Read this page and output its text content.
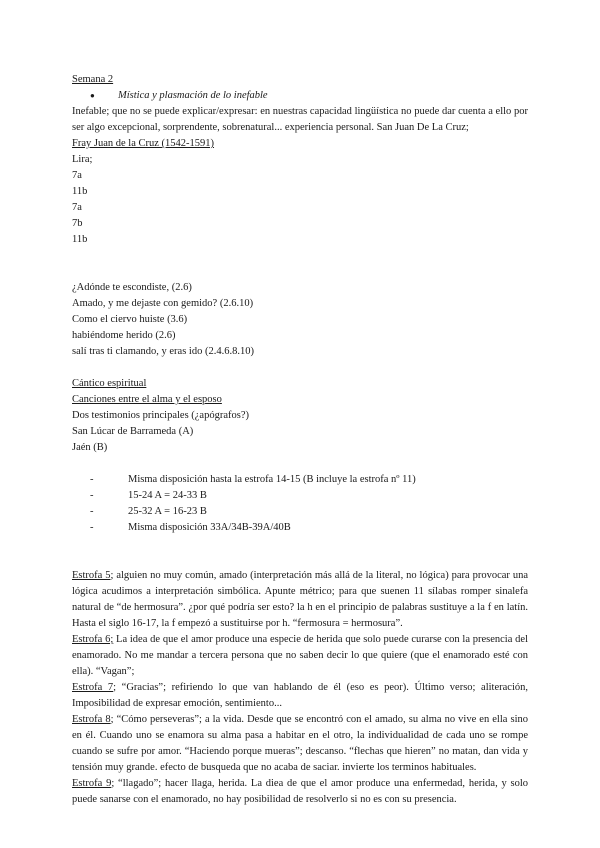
Semana 2

●	Mística y plasmación de lo inefable

Inefable; que no se puede explicar/expresar: en nuestras capacidad lingüística no puede dar cuenta a ello por ser algo excepcional, sorprendente, sobrenatural... experiencia personal. San Juan De La Cruz;

Fray Juan de la Cruz (1542-1591)

Lira;

7a

11b

7a

7b

11b

¿Adónde te escondiste, (2.6)

Amado, y me dejaste con gemido? (2.6.10)

Como el ciervo huiste (3.6)

habiéndome herido (2.6)

salí tras ti clamando, y eras ido (2.4.6.8.10)

Cántico espiritual

Canciones entre el alma y el esposo

Dos testimonios principales (¿apógrafos?)

San Lúcar de Barrameda (A)

Jaén (B)

-	Misma disposición hasta la estrofa 14-15 (B incluye la estrofa nº 11)
-	15-24 A = 24-33 B
-	25-32 A = 16-23 B
-	Misma disposición 33A/34B-39A/40B

Estrofa 5; alguien no muy común, amado (interpretación más allá de la literal, no lógica) para provocar una lógica acudimos a interpretación simbólica. Apunte métrico; para que suenen 11 sílabas romper sinalefa natural de “de hermosura”. ¿por qué podría ser esto? la h en el principio de palabras sustituye a la f en latín. Hasta el siglo 16-17, la f empezó a sustituirse por h. “fermosura = hermosura”.

Estrofa 6; La idea de que el amor produce una especie de herida que solo puede curarse con la presencia del enamorado. No me mandar a tercera persona que no saben decir lo que quiere (que el enamorado esté con ella). “Vagan”;

Estrofa 7; “Gracias”; refiriendo lo que van hablando de él (eso es peor). Último verso; aliteración, Imposibilidad de expresar emoción, sentimiento...

Estrofa 8; “Cómo perseveras”; a la vida. Desde que se encontró con el amado, su alma no vive en ella sino en él. Cuando uno se enamora su alma pasa a habitar en el otro, la individualidad de cada uno se rompe cuando se sufre por amor. “Haciendo porque mueras”; descanso. “flechas que hieren” no matan, dan vida y tensión muy grande. efecto de busqueda que no acaba de saciar. invierte los terminos habituales.

Estrofa 9; “llagado”; hacer llaga, herida. La diea de que el amor produce una enfermedad, herida, y solo puede sanarse con el enamorado, no hay posibilidad de resolverlo si no es con su presencia.
